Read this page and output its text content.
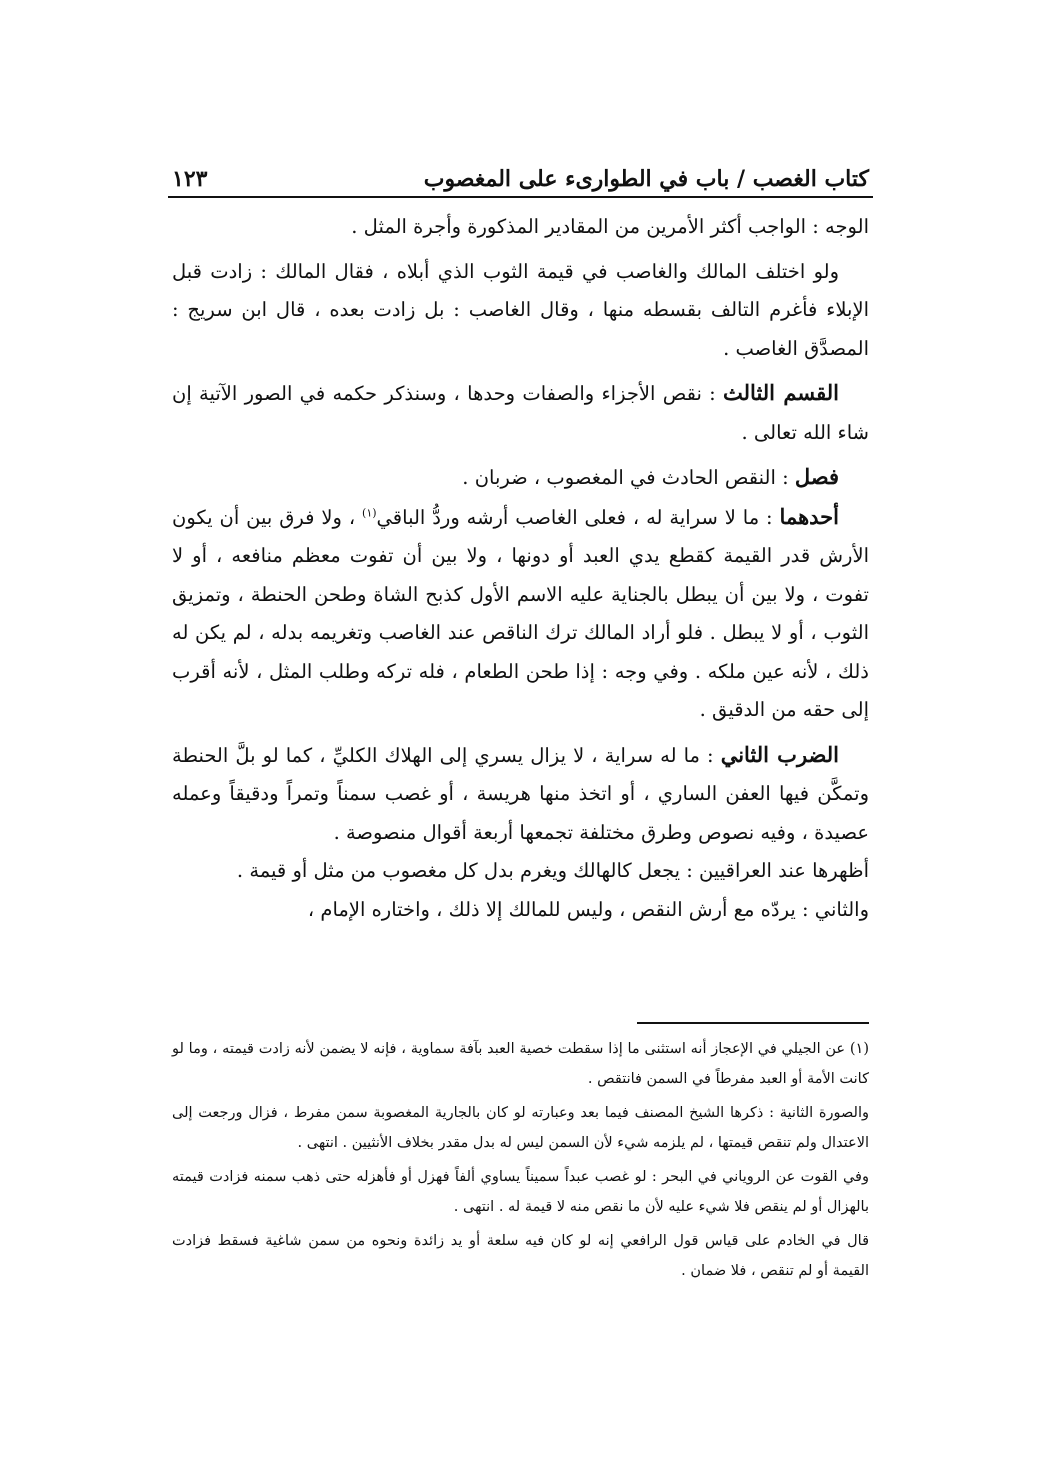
كتاب الغصب / باب في الطوارىء على المغصوب
١٢٣

الوجه : الواجب أكثر الأمرين من المقادير المذكورة وأجرة المثل .

ولو اختلف المالك والغاصب في قيمة الثوب الذي أبلاه ، فقال المالك : زادت قبل الإبلاء فأغرم التالف بقسطه منها ، وقال الغاصب : بل زادت بعده ، قال ابن سريج : المصدَّق الغاصب .

القسم الثالث : نقص الأجزاء والصفات وحدها ، وسنذكر حكمه في الصور الآتية إن شاء الله تعالى .

فصل : النقص الحادث في المغصوب ، ضربان .

أحدهما : ما لا سراية له ، فعلى الغاصب أرشه وردُّ الباقي$^{(١)}$ ، ولا فرق بين أن يكون الأرش قدر القيمة كقطع يدي العبد أو دونها ، ولا بين أن تفوت معظم منافعه ، أو لا تفوت ، ولا بين أن يبطل بالجناية عليه الاسم الأول كذبح الشاة وطحن الحنطة ، وتمزيق الثوب ، أو لا يبطل . فلو أراد المالك ترك الناقص عند الغاصب وتغريمه بدله ، لم يكن له ذلك ، لأنه عين ملكه . وفي وجه : إذا طحن الطعام ، فله تركه وطلب المثل ، لأنه أقرب إلى حقه من الدقيق .

الضرب الثاني : ما له سراية ، لا يزال يسري إلى الهلاك الكليِّ ، كما لو بلَّ الحنطة وتمكَّن فيها العفن الساري ، أو اتخذ منها هريسة ، أو غصب سمناً وتمراً ودقيقاً وعمله عصيدة ، وفيه نصوص وطرق مختلفة تجمعها أربعة أقوال منصوصة .

أظهرها عند العراقيين : يجعل كالهالك ويغرم بدل كل مغصوب من مثل أو قيمة .

والثاني : يردّه مع أرش النقص ، وليس للمالك إلا ذلك ، واختاره الإمام ،

(١) عن الجيلي في الإعجاز أنه استثنى ما إذا سقطت خصية العبد بآفة سماوية ، فإنه لا يضمن لأنه زادت قيمته ، وما لو كانت الأمة أو العبد مفرطاً في السمن فانتقص .

والصورة الثانية : ذكرها الشيخ المصنف فيما بعد وعبارته لو كان بالجارية المغصوبة سمن مفرط ، فزال ورجعت إلى الاعتدال ولم تنقص قيمتها ، لم يلزمه شيء لأن السمن ليس له بدل مقدر بخلاف الأنثيين . انتهى .

وفي القوت عن الروياني في البحر : لو غصب عبداً سميناً يساوي ألفاً فهزل أو فأهزله حتى ذهب سمنه فزادت قيمته بالهزال أو لم ينقص فلا شيء عليه لأن ما نقص منه لا قيمة له . انتهى .

قال في الخادم على قياس قول الرافعي إنه لو كان فيه سلعة أو يد زائدة ونحوه من سمن شاغية فسقط فزادت القيمة أو لم تنقص ، فلا ضمان .
